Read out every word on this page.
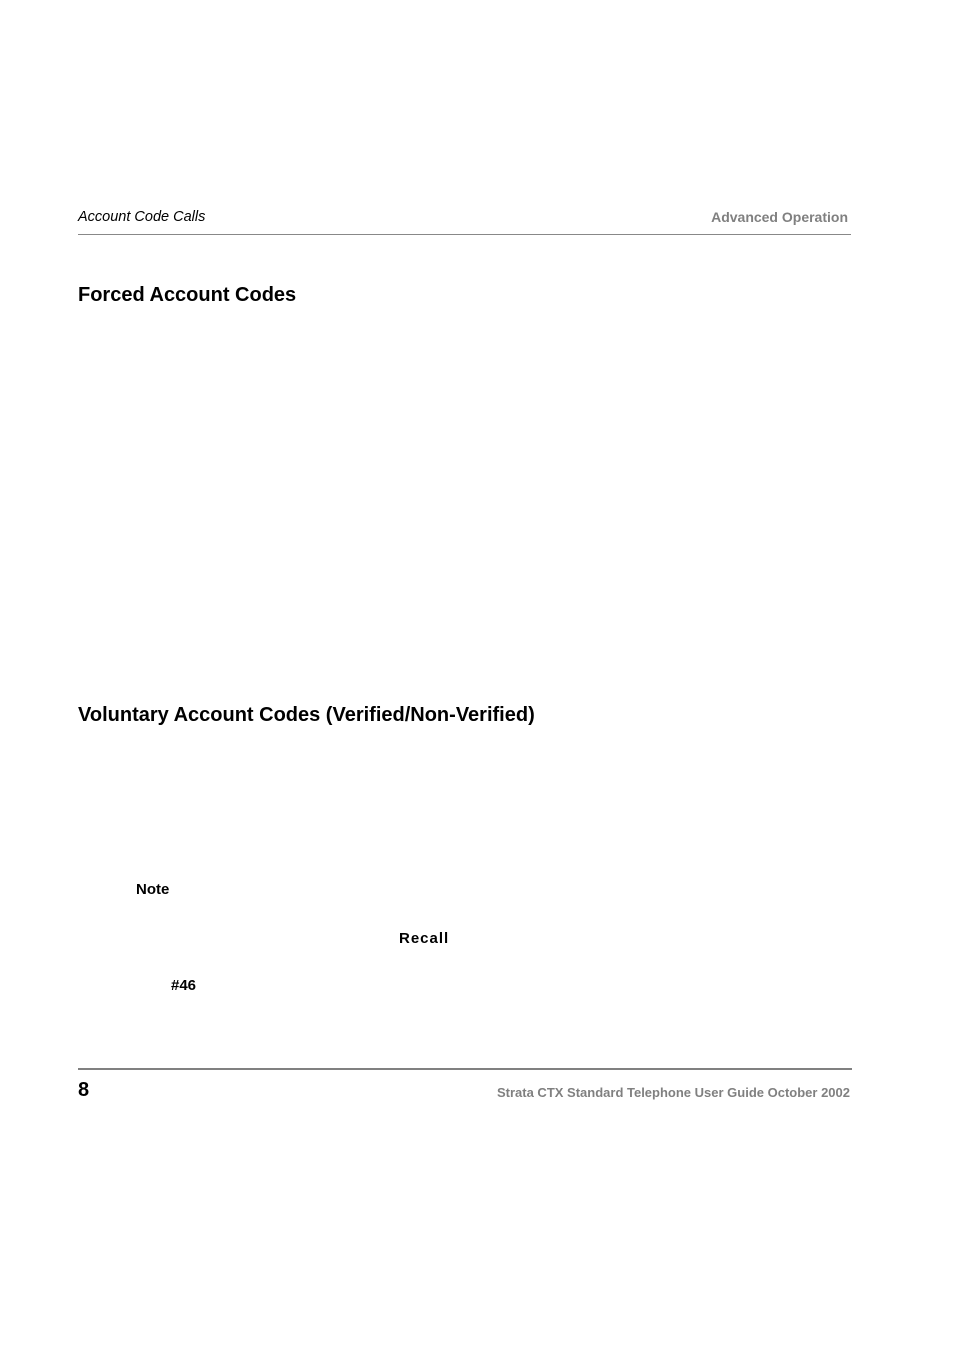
Account Code Calls	Advanced Operation
Forced Account Codes
Voluntary Account Codes (Verified/Non-Verified)
Note
Recall
#46
8	Strata CTX Standard Telephone User Guide October 2002
